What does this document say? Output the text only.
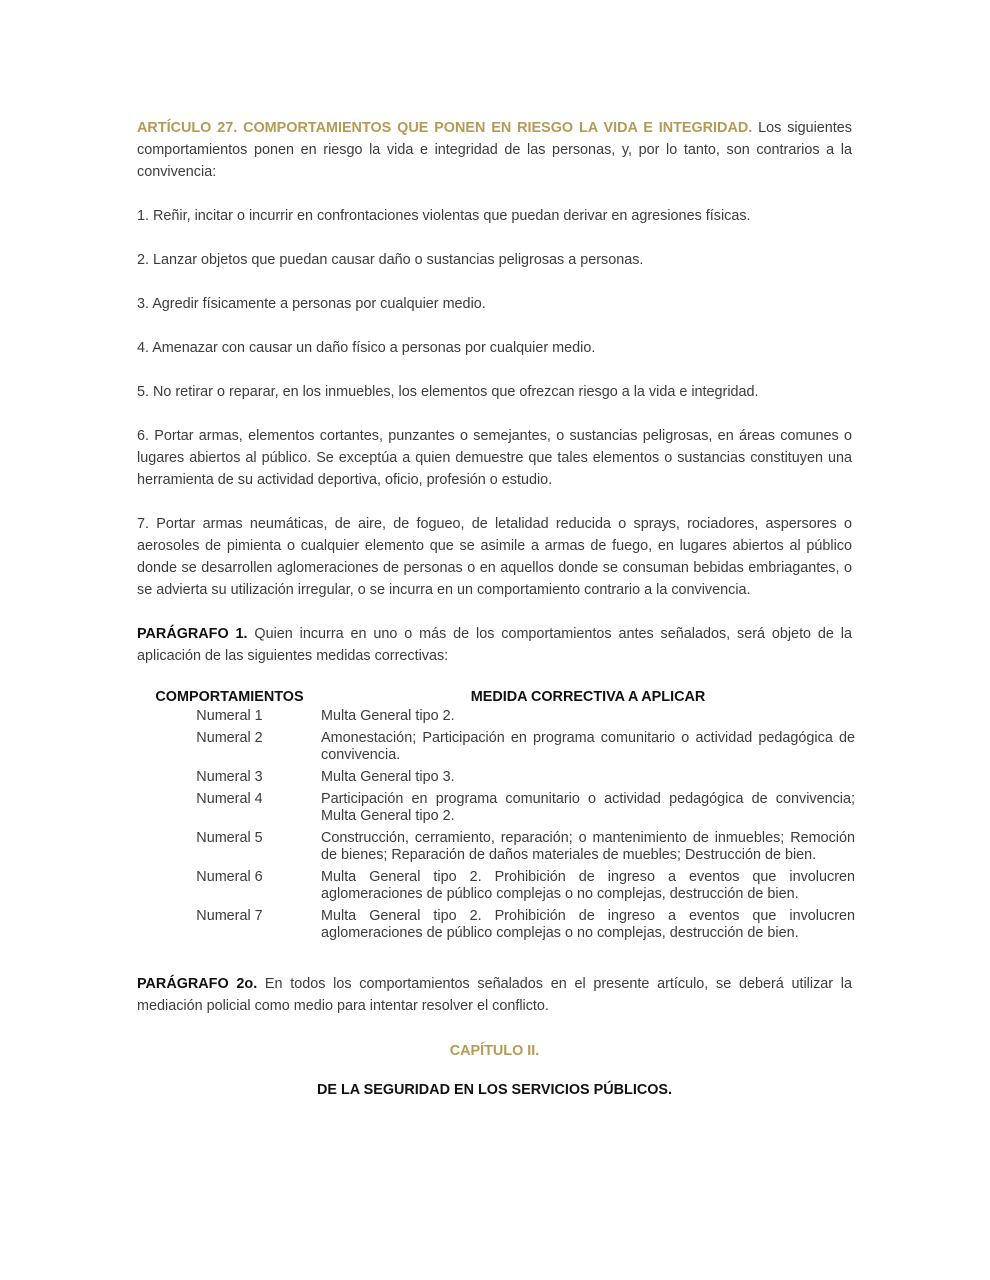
ARTÍCULO 27. COMPORTAMIENTOS QUE PONEN EN RIESGO LA VIDA E INTEGRIDAD. Los siguientes comportamientos ponen en riesgo la vida e integridad de las personas, y, por lo tanto, son contrarios a la convivencia:

1. Reñir, incitar o incurrir en confrontaciones violentas que puedan derivar en agresiones físicas.

2. Lanzar objetos que puedan causar daño o sustancias peligrosas a personas.

3. Agredir físicamente a personas por cualquier medio.

4. Amenazar con causar un daño físico a personas por cualquier medio.

5. No retirar o reparar, en los inmuebles, los elementos que ofrezcan riesgo a la vida e integridad.

6. Portar armas, elementos cortantes, punzantes o semejantes, o sustancias peligrosas, en áreas comunes o lugares abiertos al público. Se exceptúa a quien demuestre que tales elementos o sustancias constituyen una herramienta de su actividad deportiva, oficio, profesión o estudio.

7. Portar armas neumáticas, de aire, de fogueo, de letalidad reducida o sprays, rociadores, aspersores o aerosoles de pimienta o cualquier elemento que se asimile a armas de fuego, en lugares abiertos al público donde se desarrollen aglomeraciones de personas o en aquellos donde se consuman bebidas embriagantes, o se advierta su utilización irregular, o se incurra en un comportamiento contrario a la convivencia.

PARÁGRAFO 1. Quien incurra en uno o más de los comportamientos antes señalados, será objeto de la aplicación de las siguientes medidas correctivas:

COMPORTAMIENTOS	MEDIDA CORRECTIVA A APLICAR
Numeral 1	Multa General tipo 2.
Numeral 2	Amonestación; Participación en programa comunitario o actividad pedagógica de convivencia.
Numeral 3	Multa General tipo 3.
Numeral 4	Participación en programa comunitario o actividad pedagógica de convivencia; Multa General tipo 2.
Numeral 5	Construcción, cerramiento, reparación; o mantenimiento de inmuebles; Remoción de bienes; Reparación de daños materiales de muebles; Destrucción de bien.
Numeral 6	Multa General tipo 2. Prohibición de ingreso a eventos que involucren aglomeraciones de público complejas o no complejas, destrucción de bien.
Numeral 7	Multa General tipo 2. Prohibición de ingreso a eventos que involucren aglomeraciones de público complejas o no complejas, destrucción de bien.

PARÁGRAFO 2o. En todos los comportamientos señalados en el presente artículo, se deberá utilizar la mediación policial como medio para intentar resolver el conflicto.

CAPÍTULO II.
DE LA SEGURIDAD EN LOS SERVICIOS PÚBLICOS.
